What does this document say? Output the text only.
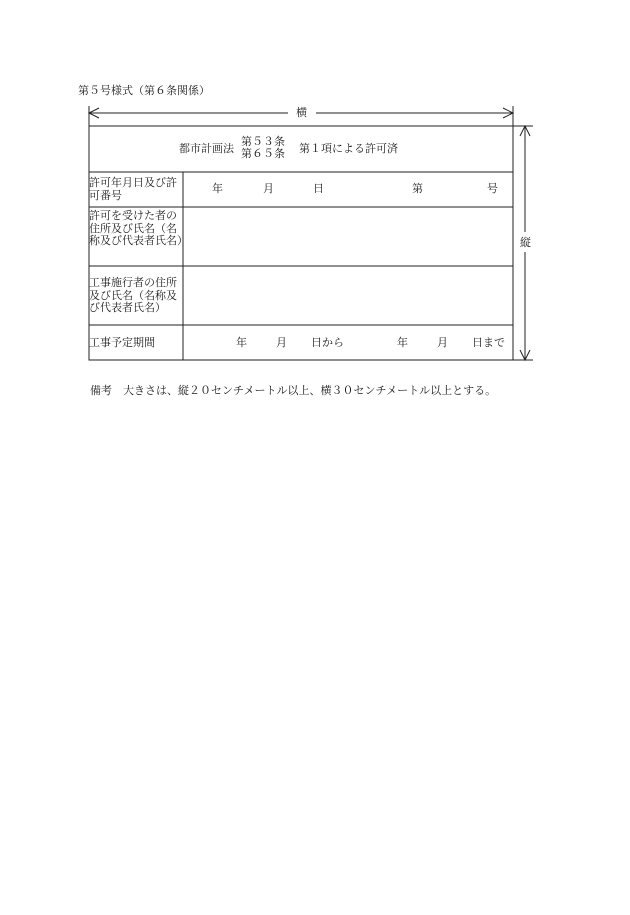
第５号様式（第６条関係）
横
縦
都市計画法
第５３条
第６５条 第１項による許可済
許可年月日及び許可番号	年	月	日	第	号
許可を受けた者の住所及び氏名（名称及び代表者氏名）
工事施行者の住所及び氏名（名称及び代表者氏名）
工事予定期間	年	月 日から	年	月 日まで
備考　大きさは、縦２０センチメートル以上、横３０センチメートル以上とする。
